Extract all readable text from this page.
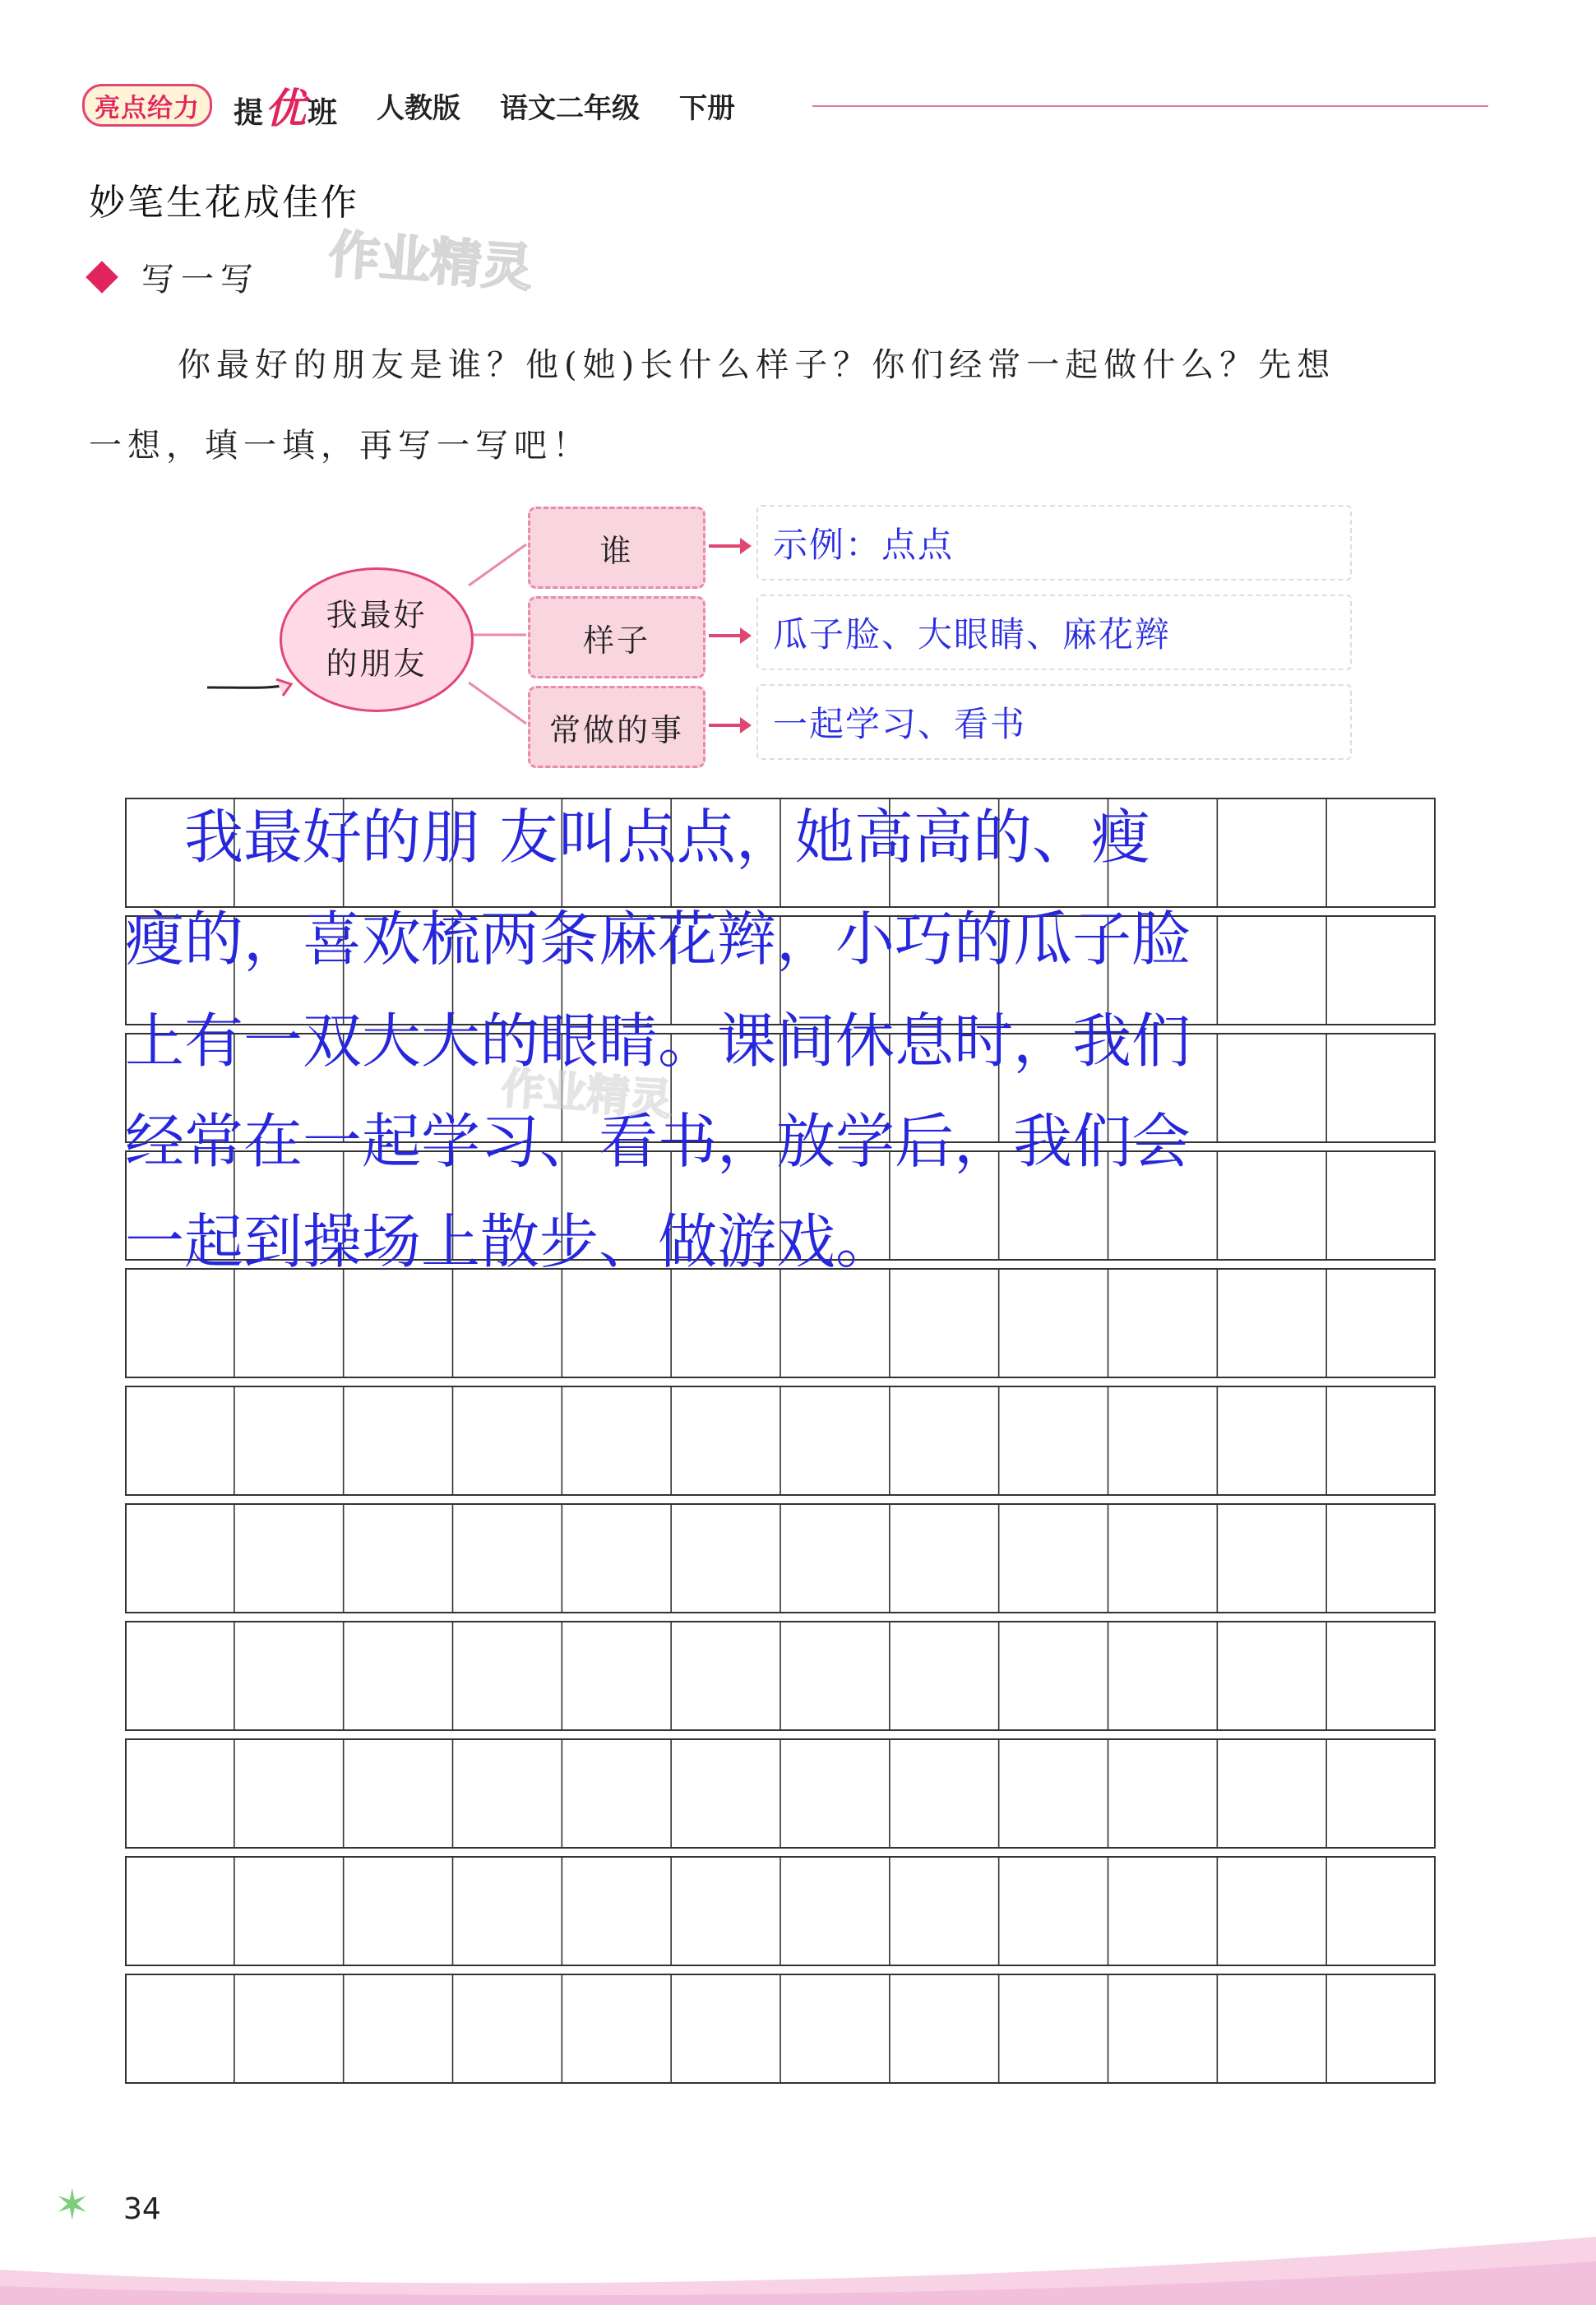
亮点给力	提 优 班 人教版 语文二年级 下册
妙笔生花成佳作
作业精灵
写一写
你最好的朋友是谁？他(她)长什么样子？你们经常一起做什么？先想
一想，填一填，再写一写吧！
我最好
的朋友
谁
样子
常做的事
示例：点点
瓜子脸、大眼睛、麻花辫
一起学习、看书
　我最好的朋 友叫点点，她高高的、瘦
瘦的，喜欢梳两条麻花辫，小巧的瓜子脸
上有一双大大的眼睛。课间休息时，我们
经常在一起学习、看书，放学后，我们会
一起到操场上散步、做游戏。
作业精灵
✶ 34
